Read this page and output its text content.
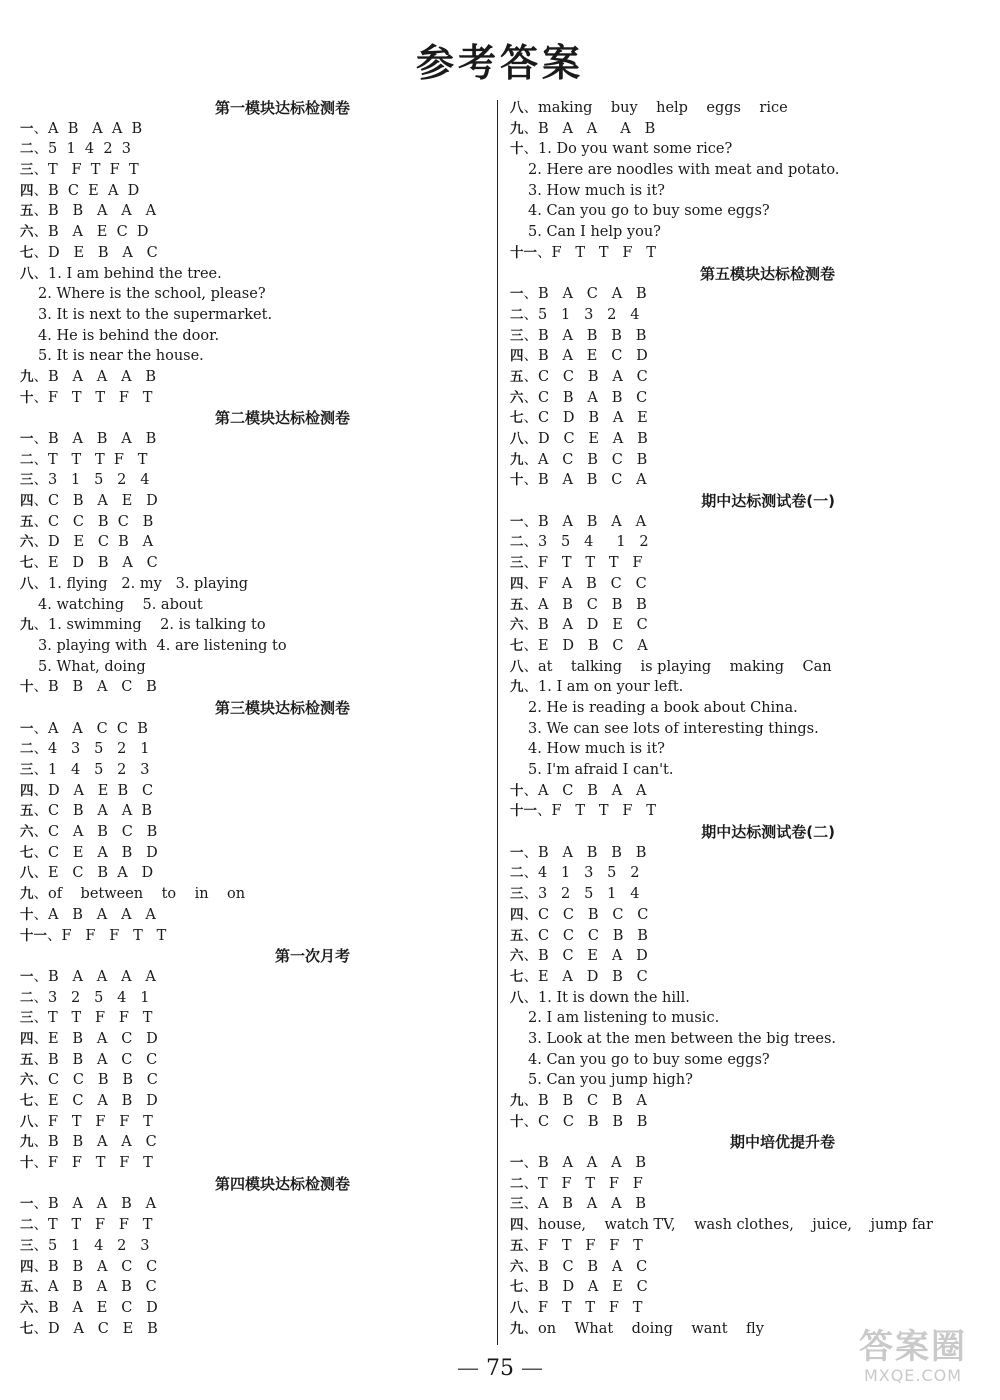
参考答案
第一模块达标检测卷
一、A  B   A  A  B
二、5  1  4  2  3
三、T   F  T  F  T
四、B  C  E  A  D
五、B   B   A   A   A
六、B   A   E  C  D
七、D   E   B   A   C
八、1. I am behind the tree.
2. Where is the school, please?
3. It is next to the supermarket.
4. He is behind the door.
5. It is near the house.
九、B   A   A   A   B
十、F   T   T   F   T
第二模块达标检测卷
一、B   A   B   A   B
二、T   T   T  F   T
三、3   1   5   2   4
四、C   B   A   E   D
五、C   C   B  C   B
六、D   E   C  B   A
七、E   D   B   A   C
八、1. flying   2. my   3. playing
4. watching    5. about
九、1. swimming    2. is talking to
3. playing with  4. are listening to
5. What, doing
十、B   B   A   C   B
第三模块达标检测卷
一、A   A   C  C  B
二、4   3   5   2   1
三、1   4   5   2   3
四、D   A   E  B   C
五、C   B   A   A  B
六、C   A   B   C   B
七、C   E   A   B   D
八、E   C   B  A   D
九、of    between    to    in    on
十、A   B   A   A   A
十一、F   F   F   T   T
第一次月考
一、B   A   A   A   A
二、3   2   5   4   1
三、T   T   F   F   T
四、E   B   A   C   D
五、B   B   A   C   C
六、C   C   B   B   C
七、E   C   A   B   D
八、F   T   F   F   T
九、B   B   A   A   C
十、F   F   T   F   T
第四模块达标检测卷
一、B   A   A   B   A
二、T   T   F   F   T
三、5   1   4   2   3
四、B   B   A   C   C
五、A   B   A   B   C
六、B   A   E   C   D
七、D   A   C   E   B
八、making    buy    help    eggs    rice
九、B   A   A     A   B
十、1. Do you want some rice?
2. Here are noodles with meat and potato.
3. How much is it?
4. Can you go to buy some eggs?
5. Can I help you?
十一、F   T   T   F   T
第五模块达标检测卷
一、B   A   C   A   B
二、5   1   3   2   4
三、B   A   B   B   B
四、B   A   E   C   D
五、C   C   B   A   C
六、C   B   A   B   C
七、C   D   B   A   E
八、D   C   E   A   B
九、A   C   B   C   B
十、B   A   B   C   A
期中达标测试卷(一)
一、B   A   B   A   A
二、3   5   4     1   2
三、F   T   T   T   F
四、F   A   B   C   C
五、A   B   C   B   B
六、B   A   D   E   C
七、E   D   B   C   A
八、at    talking    is playing    making    Can
九、1. I am on your left.
2. He is reading a book about China.
3. We can see lots of interesting things.
4. How much is it?
5. I'm afraid I can't.
十、A   C   B   A   A
十一、F   T   T   F   T
期中达标测试卷(二)
一、B   A   B   B   B
二、4   1   3   5   2
三、3   2   5   1   4
四、C   C   B   C   C
五、C   C   C   B   B
六、B   C   E   A   D
七、E   A   D   B   C
八、1. It is down the hill.
2. I am listening to music.
3. Look at the men between the big trees.
4. Can you go to buy some eggs?
5. Can you jump high?
九、B   B   C   B   A
十、C   C   B   B   B
期中培优提升卷
一、B   A   A   A   B
二、T   F   T   F   F
三、A   B   A   A   B
四、house,    watch TV,    wash clothes,    juice,    jump far
五、F   T   F   F   T
六、B   C   B   A   C
七、B   D   A   E   C
八、F   T   T   F   T
九、on    What    doing    want    fly
— 75 —
答案圈
MXQE.COM
